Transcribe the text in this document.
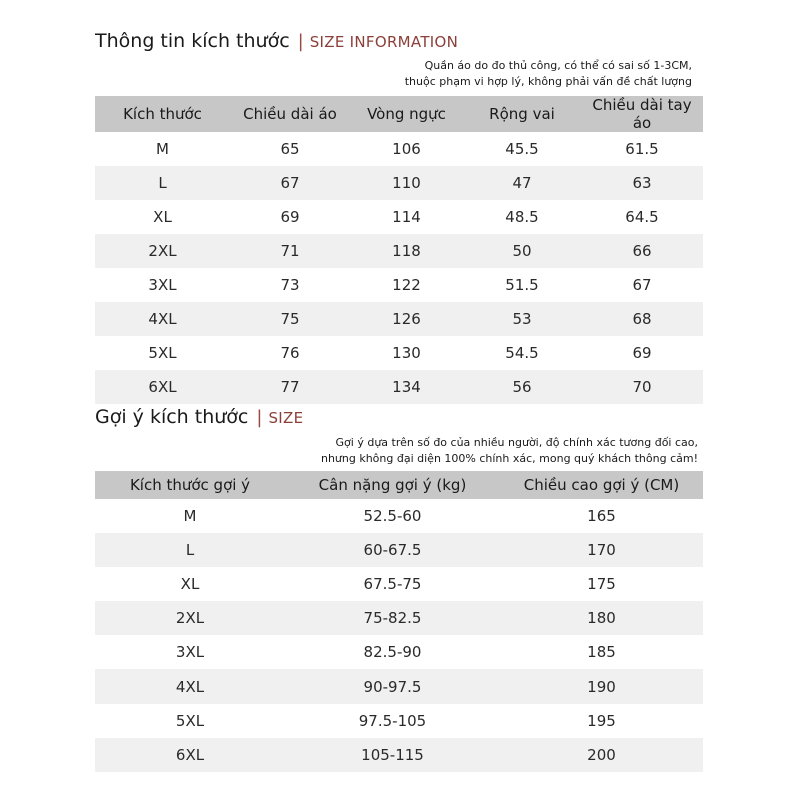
Thông tin kích thước | SIZE INFORMATION
Quần áo do đo thủ công, có thể có sai số 1-3CM,
thuộc phạm vi hợp lý, không phải vấn đề chất lượng
Kích thước	Chiều dài áo	Vòng ngực	Rộng vai	Chiều dài tay áo
M	65	106	45.5	61.5
L	67	110	47	63
XL	69	114	48.5	64.5
2XL	71	118	50	66
3XL	73	122	51.5	67
4XL	75	126	53	68
5XL	76	130	54.5	69
6XL	77	134	56	70
Gợi ý kích thước | SIZE
Gợi ý dựa trên số đo của nhiều người, độ chính xác tương đối cao,
nhưng không đại diện 100% chính xác, mong quý khách thông cảm!
Kích thước gợi ý	Cân nặng gợi ý (kg)	Chiều cao gợi ý (CM)
M	52.5-60	165
L	60-67.5	170
XL	67.5-75	175
2XL	75-82.5	180
3XL	82.5-90	185
4XL	90-97.5	190
5XL	97.5-105	195
6XL	105-115	200
